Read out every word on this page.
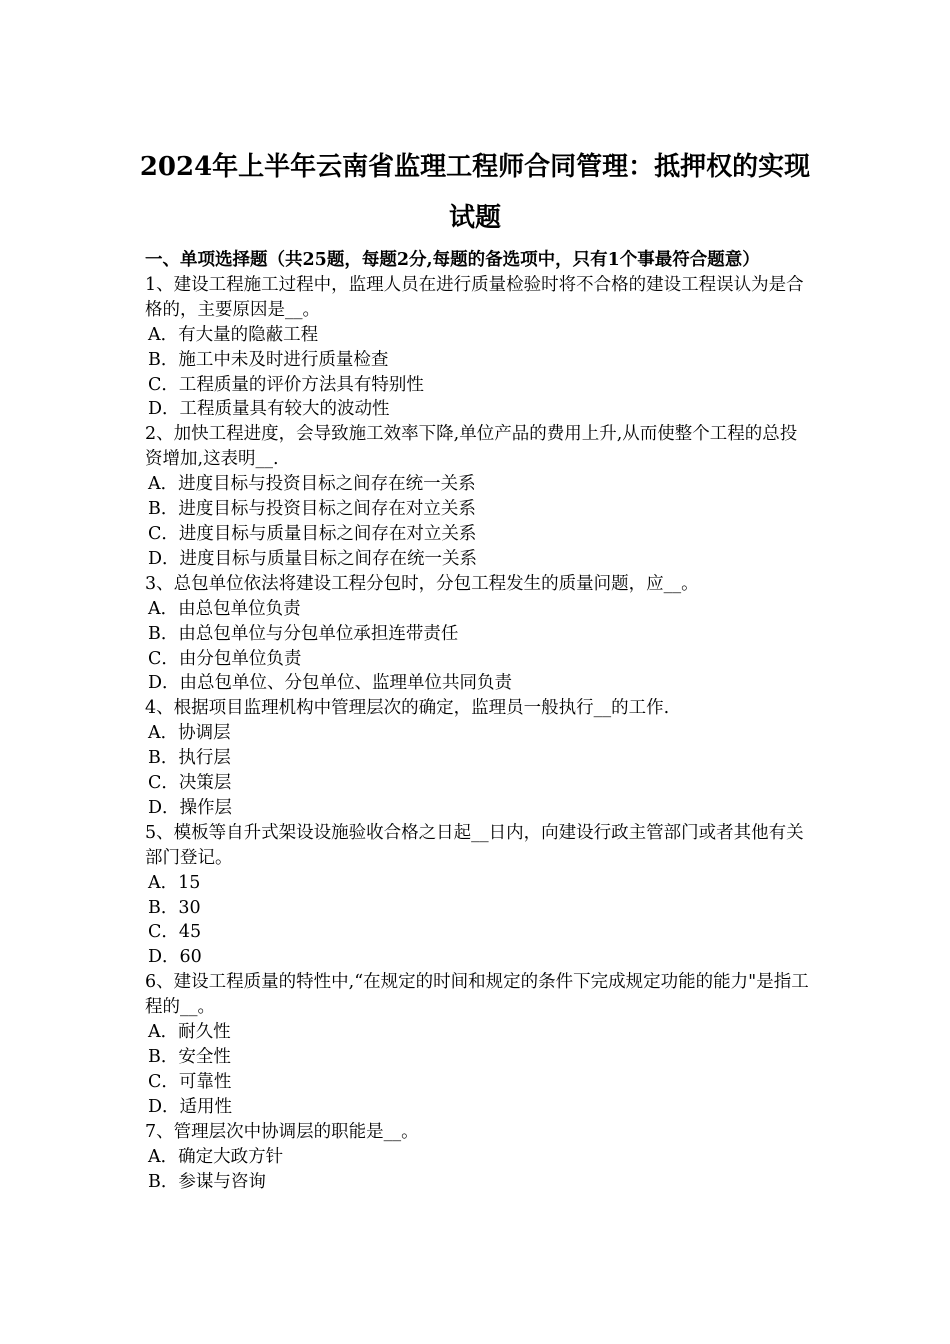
2024年上半年云南省监理工程师合同管理：抵押权的实现
试题

一、单项选择题（共25题，每题2分,每题的备选项中，只有1个事最符合题意）

1、建设工程施工过程中，监理人员在进行质量检验时将不合格的建设工程误认为是合格的，主要原因是__。

A．有大量的隐蔽工程

B．施工中未及时进行质量检查

C．工程质量的评价方法具有特别性

D．工程质量具有较大的波动性

2、加快工程进度，会导致施工效率下降,单位产品的费用上升,从而使整个工程的总投资增加,这表明__.

A．进度目标与投资目标之间存在统一关系

B．进度目标与投资目标之间存在对立关系

C．进度目标与质量目标之间存在对立关系

D．进度目标与质量目标之间存在统一关系

3、总包单位依法将建设工程分包时，分包工程发生的质量问题，应__。

A．由总包单位负责

B．由总包单位与分包单位承担连带责任

C．由分包单位负责

D．由总包单位、分包单位、监理单位共同负责

4、根据项目监理机构中管理层次的确定，监理员一般执行__的工作.

A．协调层

B．执行层

C．决策层

D．操作层

5、模板等自升式架设设施验收合格之日起__日内，向建设行政主管部门或者其他有关部门登记。

A．15

B．30

C．45

D．60

6、建设工程质量的特性中,“在规定的时间和规定的条件下完成规定功能的能力"是指工程的__。

A．耐久性

B．安全性

C．可靠性

D．适用性

7、管理层次中协调层的职能是__。

A．确定大政方针

B．参谋与咨询
